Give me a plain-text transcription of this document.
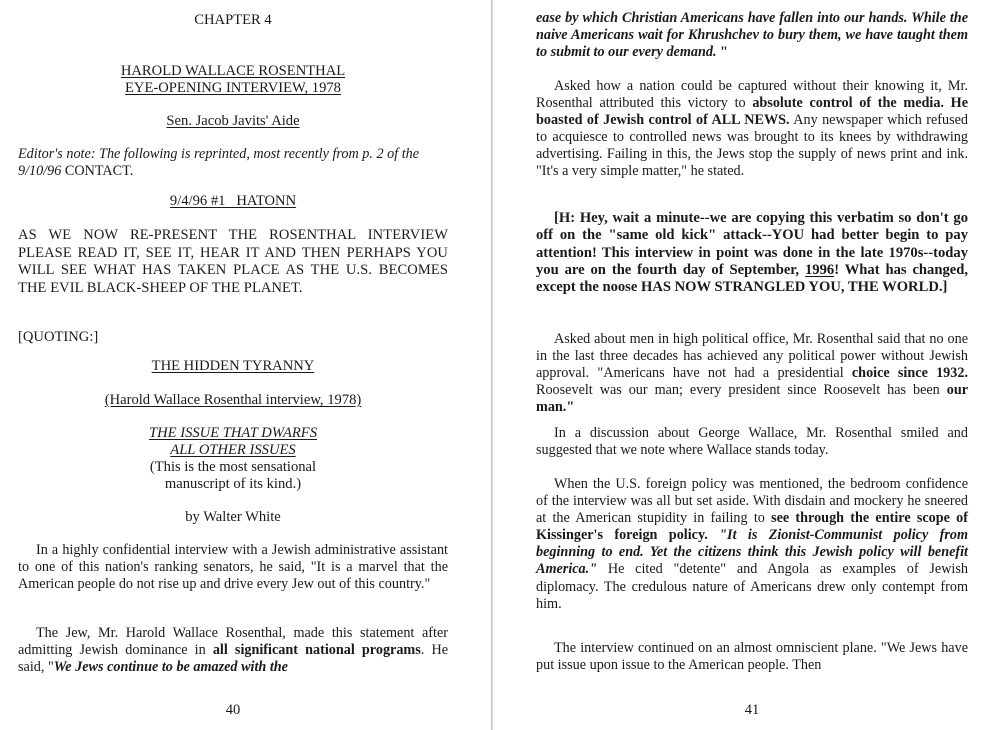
CHAPTER 4
HAROLD WALLACE ROSENTHAL
EYE-OPENING INTERVIEW, 1978
Sen. Jacob Javits' Aide
Editor's note: The following is reprinted, most recently from p. 2 of the 9/10/96 CONTACT.
9/4/96 #1   HATONN
AS WE NOW RE-PRESENT THE ROSENTHAL INTERVIEW PLEASE READ IT, SEE IT, HEAR IT AND THEN PERHAPS YOU WILL SEE WHAT HAS TAKEN PLACE AS THE U.S. BECOMES THE EVIL BLACK-SHEEP OF THE PLANET.
[QUOTING:]
THE HIDDEN TYRANNY
(Harold Wallace Rosenthal interview, 1978)
THE ISSUE THAT DWARFS
ALL OTHER ISSUES
(This is the most sensational
manuscript of its kind.)
by Walter White
In a highly confidential interview with a Jewish administrative assistant to one of this nation's ranking senators, he said, "It is a marvel that the American people do not rise up and drive every Jew out of this country."
The Jew, Mr. Harold Wallace Rosenthal, made this statement after admitting Jewish dominance in all significant national programs. He said, "We Jews continue to be amazed with the
40
ease by which Christian Americans have fallen into our hands. While the naive Americans wait for Khrushchev to bury them, we have taught them to submit to our every demand. "
Asked how a nation could be captured without their knowing it, Mr. Rosenthal attributed this victory to absolute control of the media. He boasted of Jewish control of ALL NEWS. Any newspaper which refused to acquiesce to controlled news was brought to its knees by withdrawing advertising. Failing in this, the Jews stop the supply of news print and ink. "It's a very simple matter," he stated.
[H: Hey, wait a minute--we are copying this verbatim so don't go off on the "same old kick" attack--YOU had better begin to pay attention! This interview in point was done in the late 1970s--today you are on the fourth day of September, 1996! What has changed, except the noose HAS NOW STRANGLED YOU, THE WORLD.]
Asked about men in high political office, Mr. Rosenthal said that no one in the last three decades has achieved any political power without Jewish approval. "Americans have not had a presidential choice since 1932. Roosevelt was our man; every president since Roosevelt has been our man."
In a discussion about George Wallace, Mr. Rosenthal smiled and suggested that we note where Wallace stands today.
When the U.S. foreign policy was mentioned, the bedroom confidence of the interview was all but set aside. With disdain and mockery he sneered at the American stupidity in failing to see through the entire scope of Kissinger's foreign policy. "It is Zionist-Communist policy from beginning to end. Yet the citizens think this Jewish policy will benefit America." He cited "detente" and Angola as examples of Jewish diplomacy. The credulous nature of Americans drew only contempt from him.
The interview continued on an almost omniscient plane. "We Jews have put issue upon issue to the American people. Then
41
